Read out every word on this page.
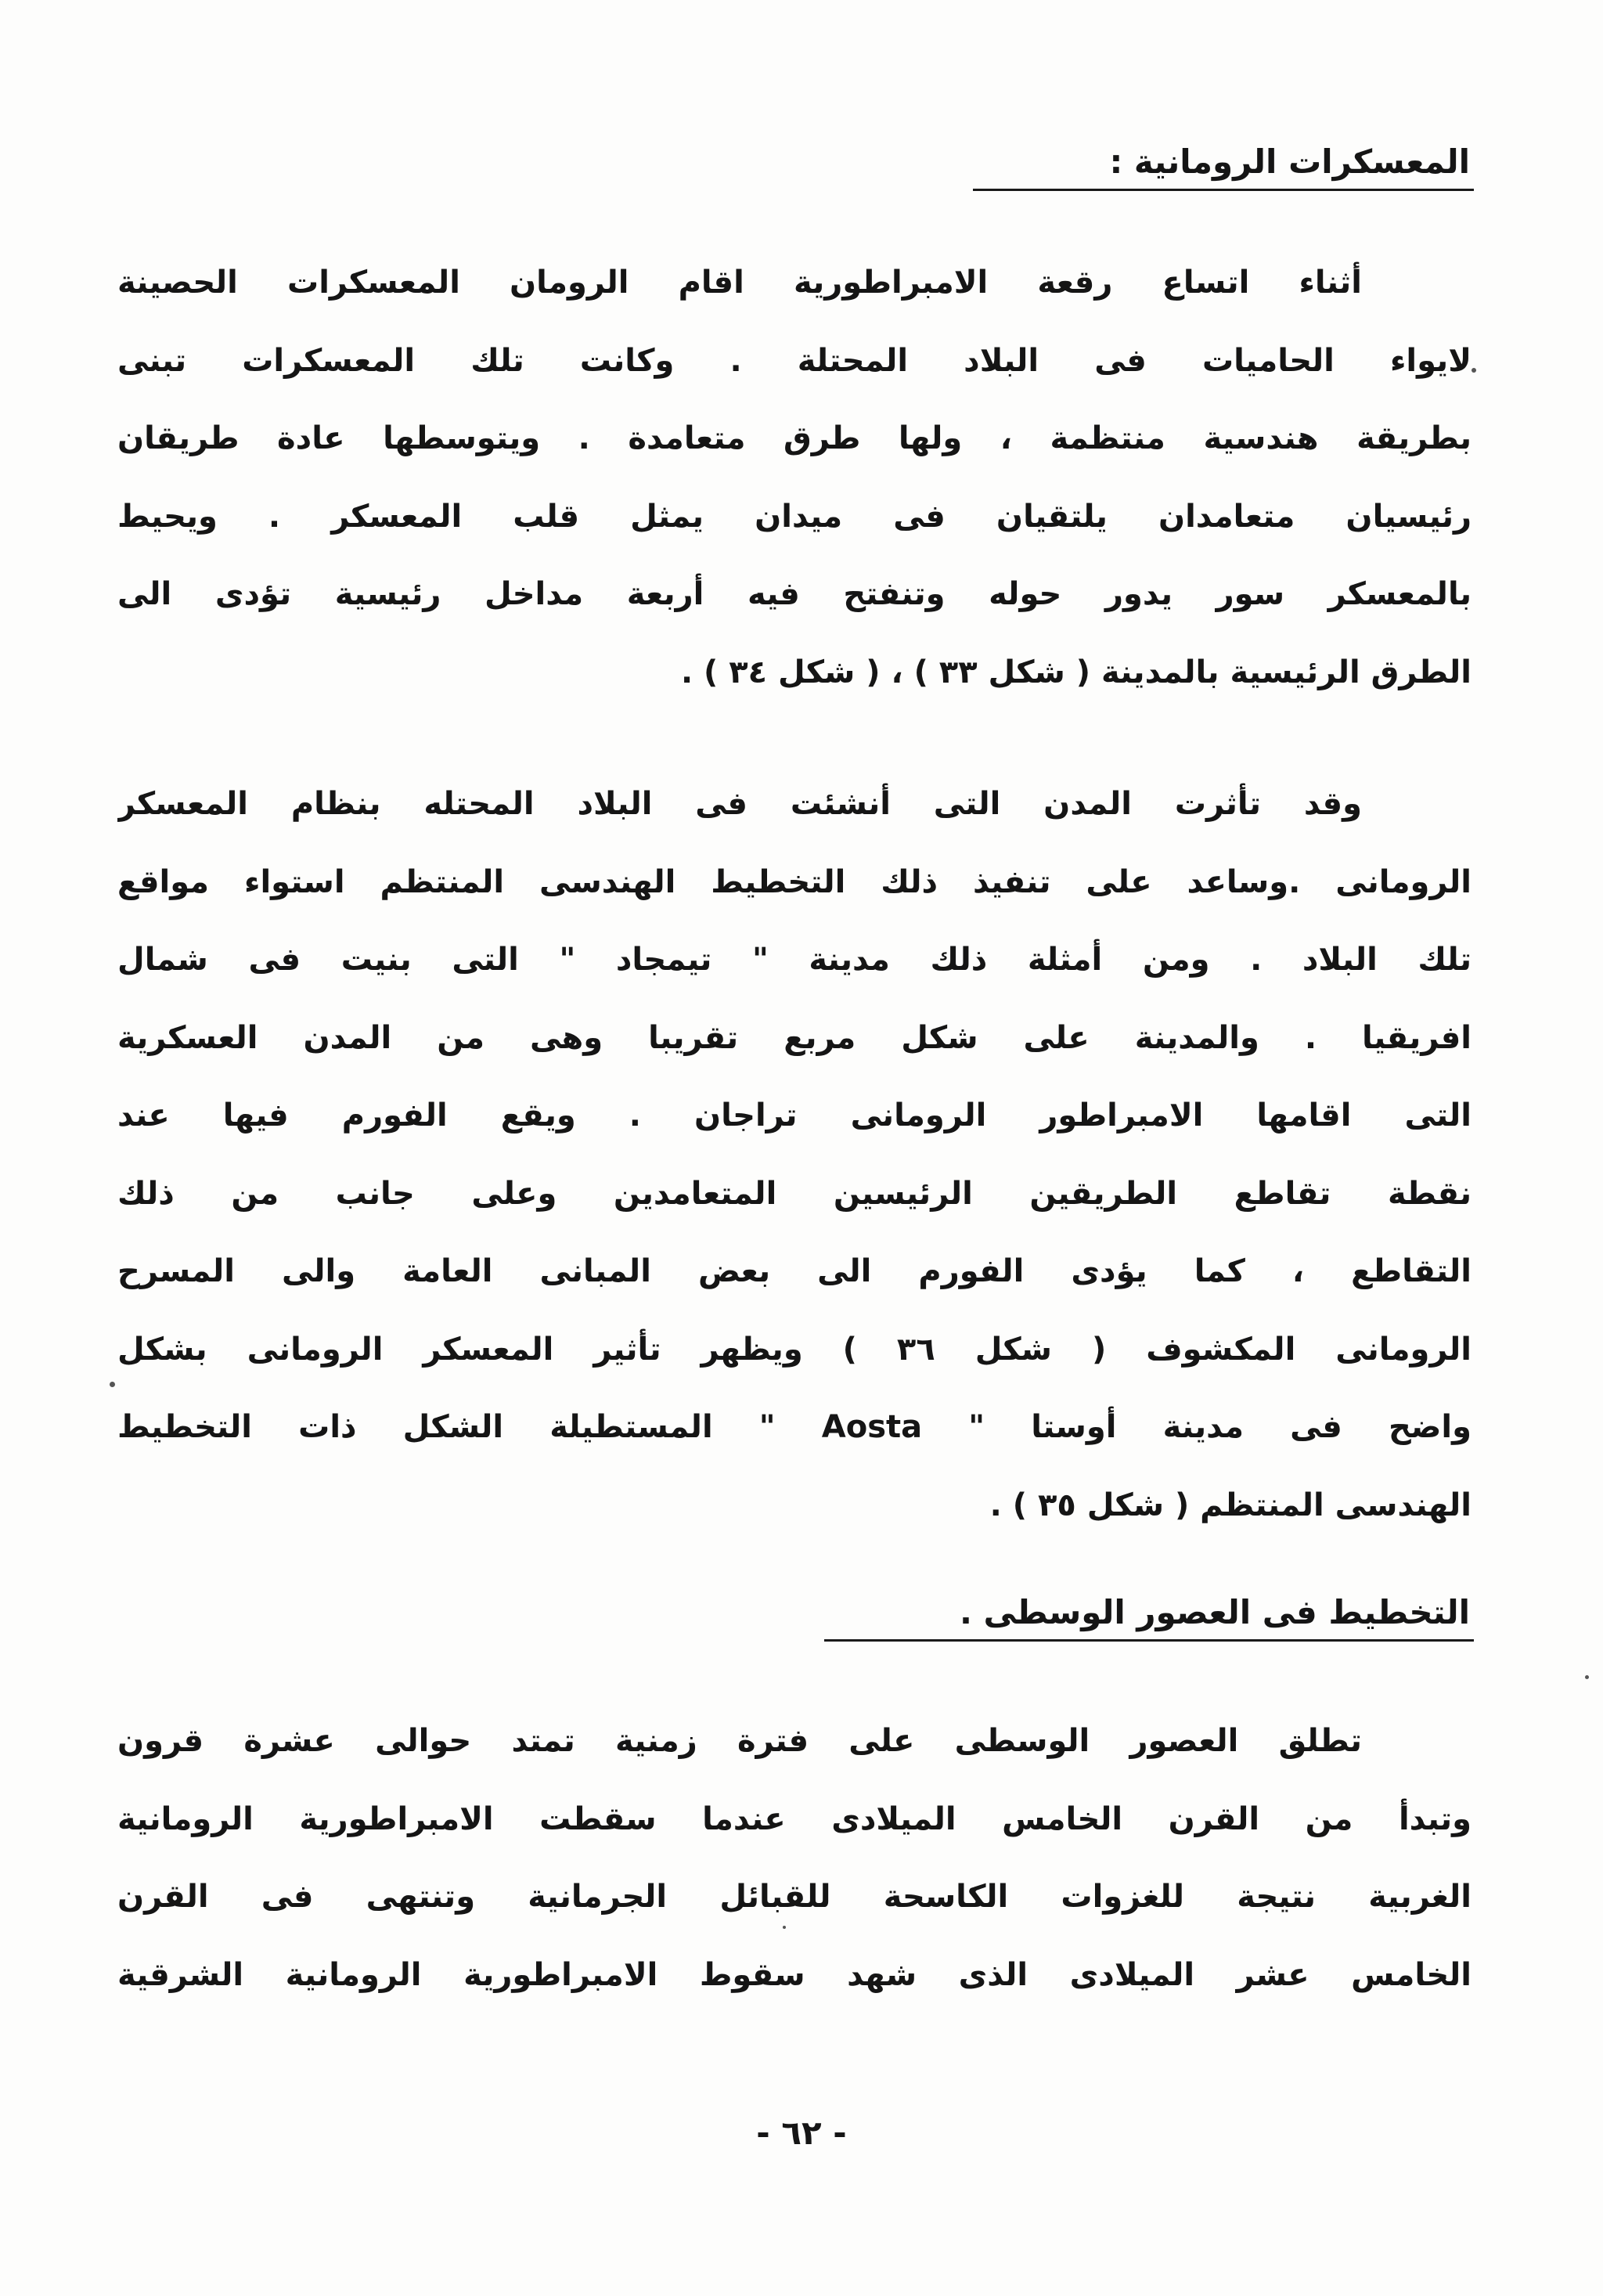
المعسكرات الرومانية :
أثناء اتساع رقعة الامبراطورية اقام الرومان المعسكرات الحصينة
لايواء الحاميات فى البلاد المحتلة . وكانت تلك المعسكرات تبنى
بطريقة هندسية منتظمة ، ولها طرق متعامدة . ويتوسطها عادة طريقان
رئيسيان متعامدان يلتقيان فى ميدان يمثل قلب المعسكر . ويحيط
بالمعسكر سور يدور حوله وتنفتح فيه أربعة مداخل رئيسية تؤدى الى
الطرق الرئيسية بالمدينة ( شكل ٣٣ ) ، ( شكل ٣٤ ) .
وقد تأثرت المدن التى أنشئت فى البلاد المحتله بنظام المعسكر
الرومانى .وساعد على تنفيذ ذلك التخطيط الهندسى المنتظم استواء مواقع
تلك البلاد . ومن أمثلة ذلك مدينة " تيمجاد " التى بنيت فى شمال
افريقيا . والمدينة على شكل مربع تقريبا وهى من المدن العسكرية
التى اقامها الامبراطور الرومانى تراجان . ويقع الفورم فيها عند
نقطة تقاطع الطريقين الرئيسين المتعامدين وعلى جانب من ذلك
التقاطع ، كما يؤدى الفورم الى بعض المبانى العامة والى المسرح
الرومانى المكشوف ( شكل ٣٦ ) ويظهر تأثير المعسكر الرومانى بشكل
واضح فى مدينة أوستا " Aosta " المستطيلة الشكل ذات التخطيط
الهندسى المنتظم ( شكل ٣٥ ) .
التخطيط فى العصور الوسطى .
تطلق العصور الوسطى على فترة زمنية تمتد حوالى عشرة قرون
وتبدأ من القرن الخامس الميلادى عندما سقطت الامبراطورية الرومانية
الغربية نتيجة للغزوات الكاسحة للقبائل الجرمانية وتنتهى فى القرن
الخامس عشر الميلادى الذى شهد سقوط الامبراطورية الرومانية الشرقية
- ٦٢ -
